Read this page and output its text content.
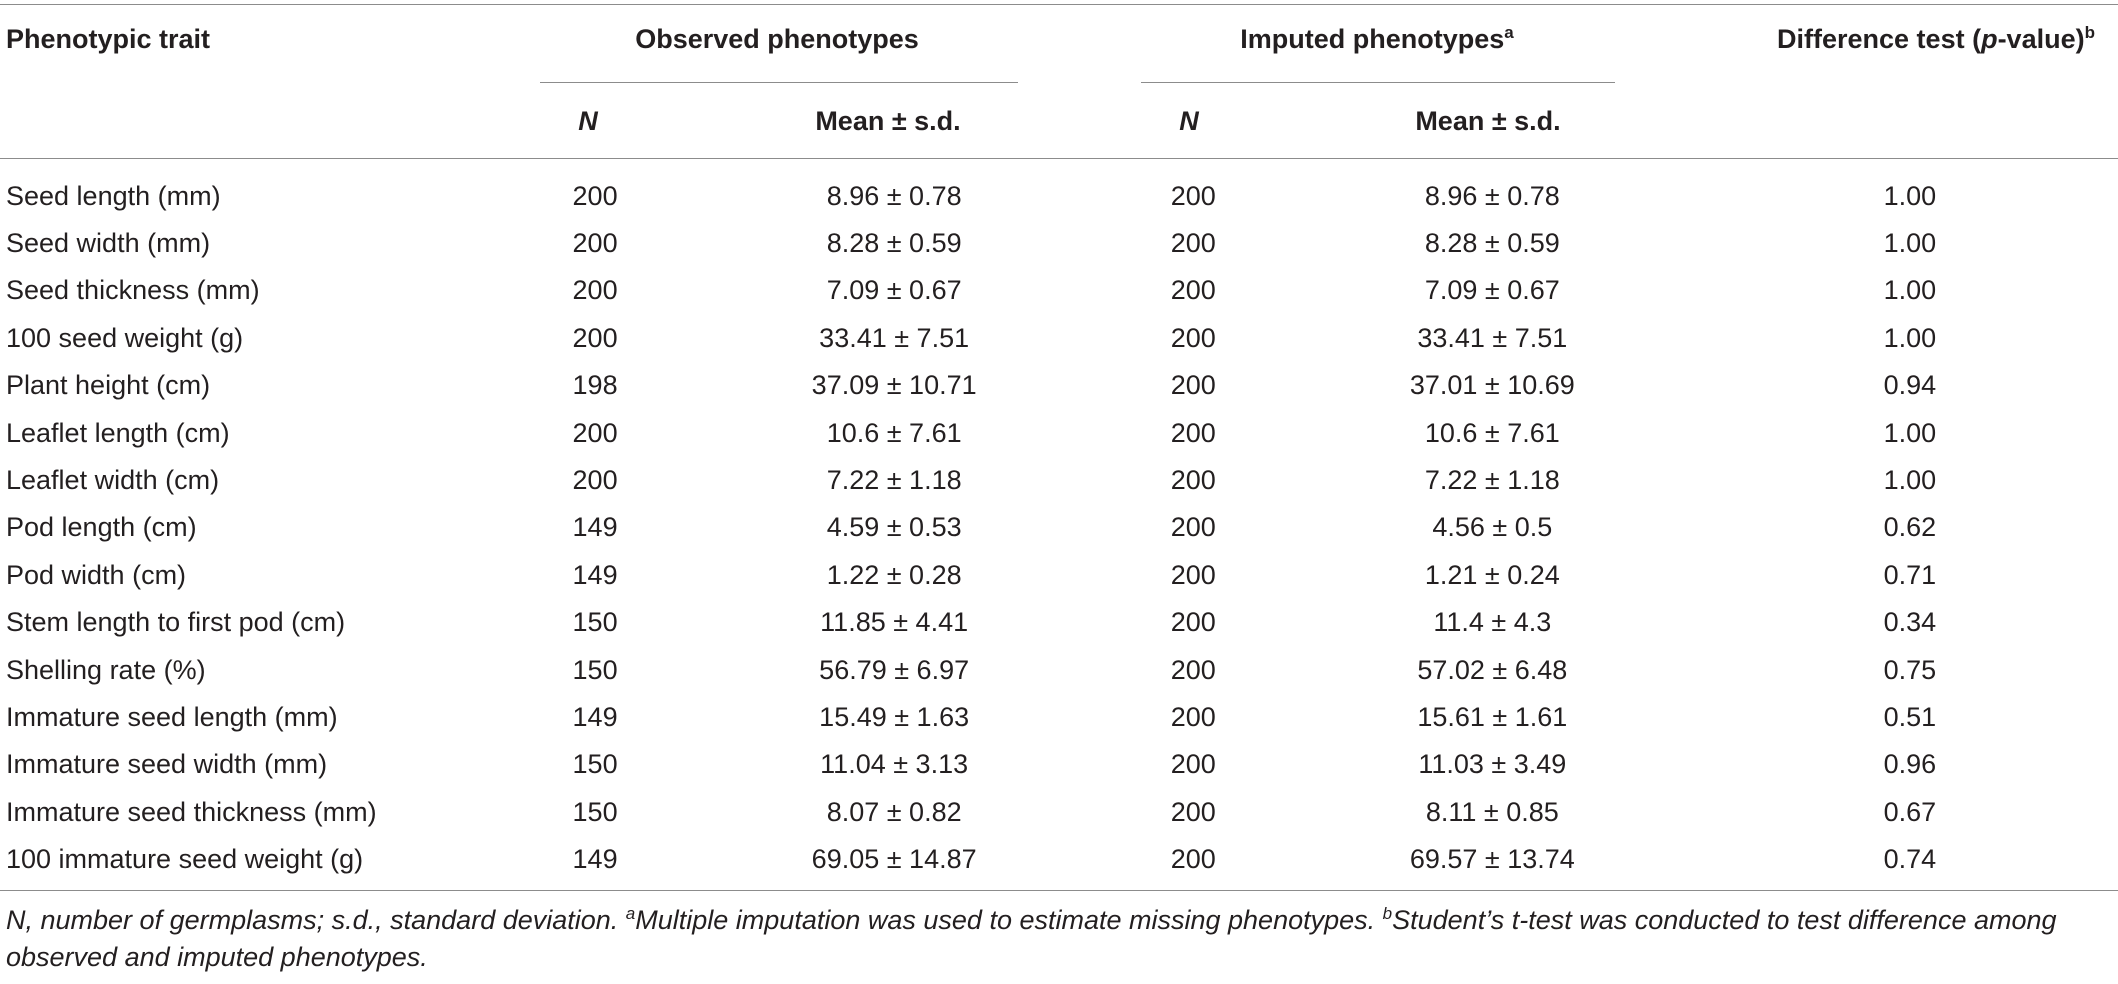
Phenotypic trait	Observed phenotypes	Imputed phenotypes$^a$	Difference test (p-value)$^b$
N	Mean ± s.d.	N	Mean ± s.d.
Seed length (mm)	200	8.96 ± 0.78	200	8.96 ± 0.78	1.00
Seed width (mm)	200	8.28 ± 0.59	200	8.28 ± 0.59	1.00
Seed thickness (mm)	200	7.09 ± 0.67	200	7.09 ± 0.67	1.00
100 seed weight (g)	200	33.41 ± 7.51	200	33.41 ± 7.51	1.00
Plant height (cm)	198	37.09 ± 10.71	200	37.01 ± 10.69	0.94
Leaflet length (cm)	200	10.6 ± 7.61	200	10.6 ± 7.61	1.00
Leaflet width (cm)	200	7.22 ± 1.18	200	7.22 ± 1.18	1.00
Pod length (cm)	149	4.59 ± 0.53	200	4.56 ± 0.5	0.62
Pod width (cm)	149	1.22 ± 0.28	200	1.21 ± 0.24	0.71
Stem length to first pod (cm)	150	11.85 ± 4.41	200	11.4 ± 4.3	0.34
Shelling rate (%)	150	56.79 ± 6.97	200	57.02 ± 6.48	0.75
Immature seed length (mm)	149	15.49 ± 1.63	200	15.61 ± 1.61	0.51
Immature seed width (mm)	150	11.04 ± 3.13	200	11.03 ± 3.49	0.96
Immature seed thickness (mm)	150	8.07 ± 0.82	200	8.11 ± 0.85	0.67
100 immature seed weight (g)	149	69.05 ± 14.87	200	69.57 ± 13.74	0.74
N, number of germplasms; s.d., standard deviation. $^a$Multiple imputation was used to estimate missing phenotypes. $^b$Student’s t-test was conducted to test difference among observed and imputed phenotypes.
